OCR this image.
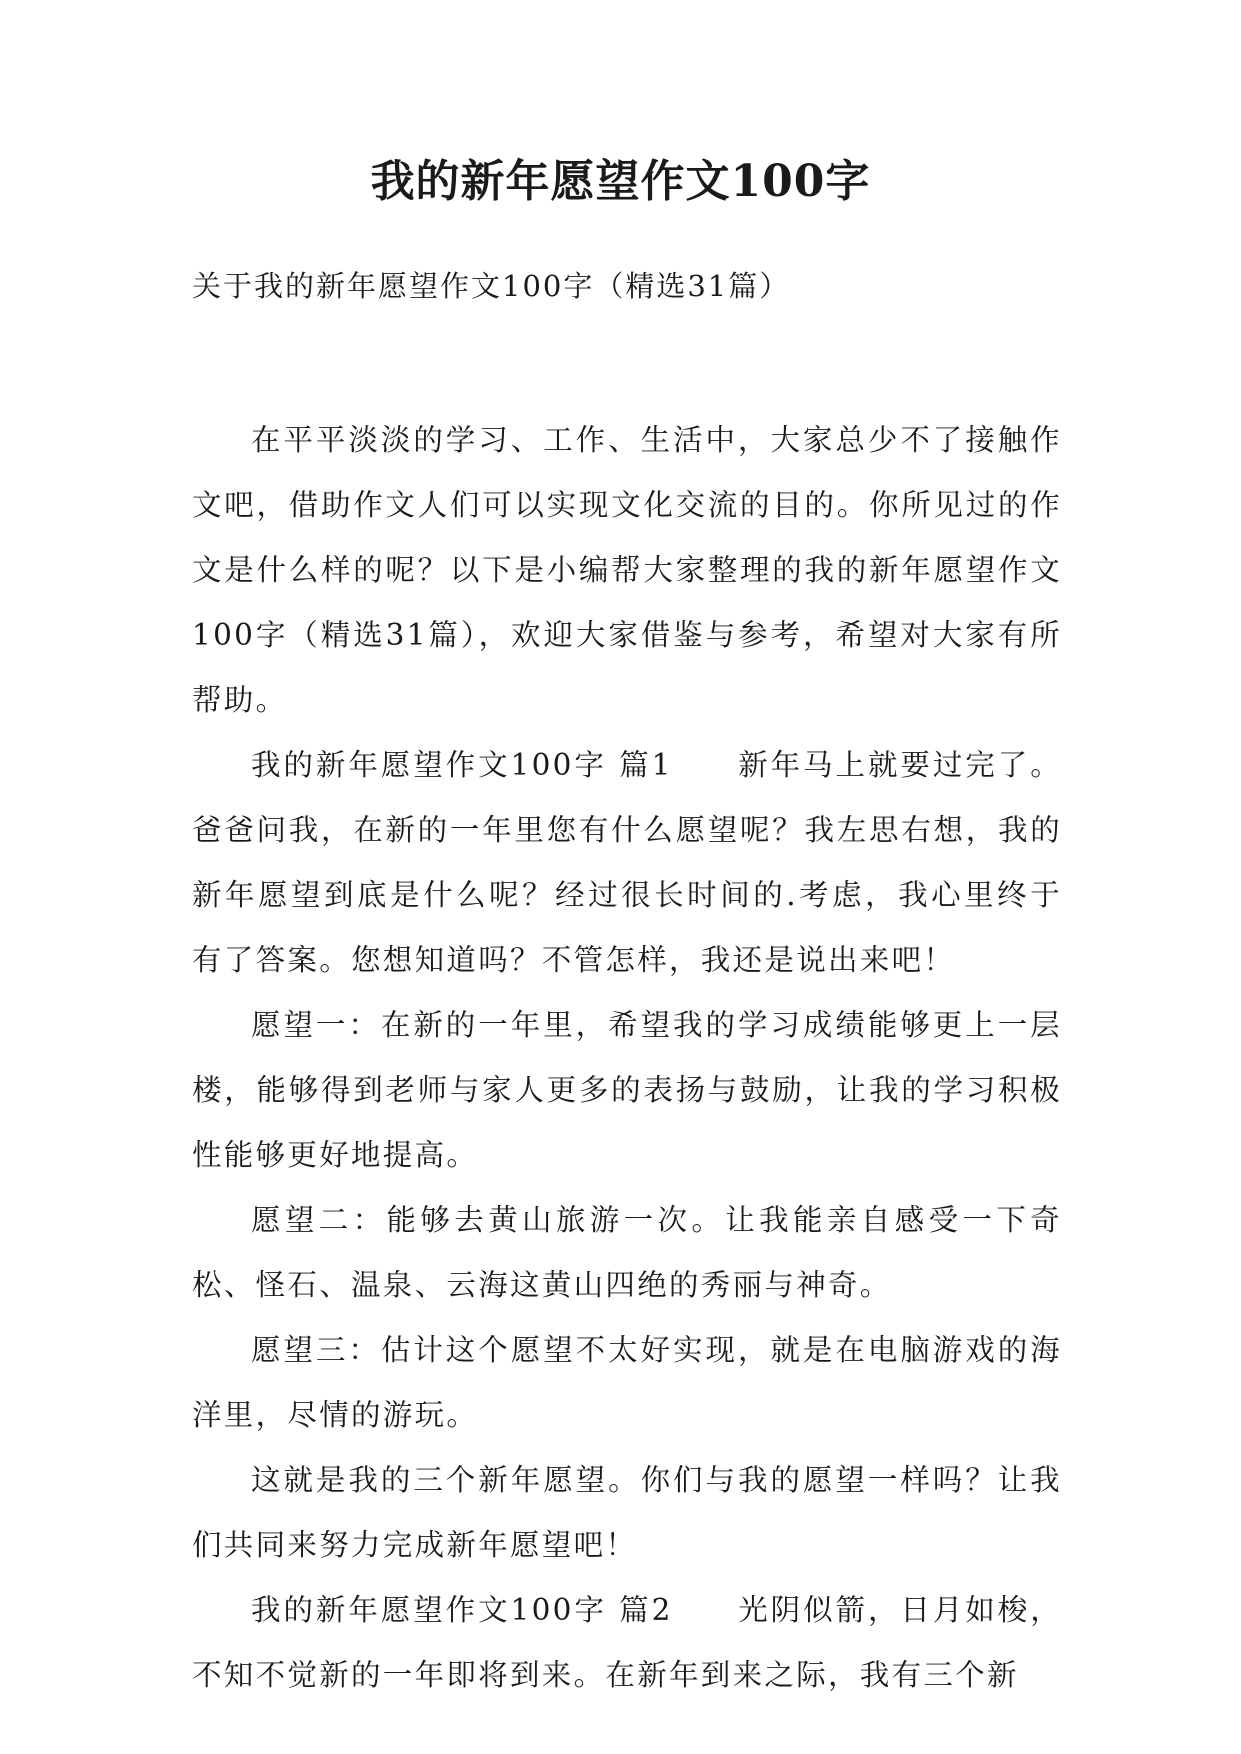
我的新年愿望作文100字

关于我的新年愿望作文100字（精选31篇）

在平平淡淡的学习、工作、生活中，大家总少不了接触作文吧，借助作文人们可以实现文化交流的目的。你所见过的作文是什么样的呢？以下是小编帮大家整理的我的新年愿望作文100字（精选31篇），欢迎大家借鉴与参考，希望对大家有所帮助。

我的新年愿望作文100字 篇1　　新年马上就要过完了。爸爸问我，在新的一年里您有什么愿望呢？我左思右想，我的新年愿望到底是什么呢？经过很长时间的.考虑，我心里终于有了答案。您想知道吗？不管怎样，我还是说出来吧！

愿望一：在新的一年里，希望我的学习成绩能够更上一层楼，能够得到老师与家人更多的表扬与鼓励，让我的学习积极性能够更好地提高。

愿望二：能够去黄山旅游一次。让我能亲自感受一下奇松、怪石、温泉、云海这黄山四绝的秀丽与神奇。

愿望三：估计这个愿望不太好实现，就是在电脑游戏的海洋里，尽情的游玩。

这就是我的三个新年愿望。你们与我的愿望一样吗？让我们共同来努力完成新年愿望吧！

我的新年愿望作文100字 篇2　　光阴似箭，日月如梭，不知不觉新的一年即将到来。在新年到来之际，我有三个新
